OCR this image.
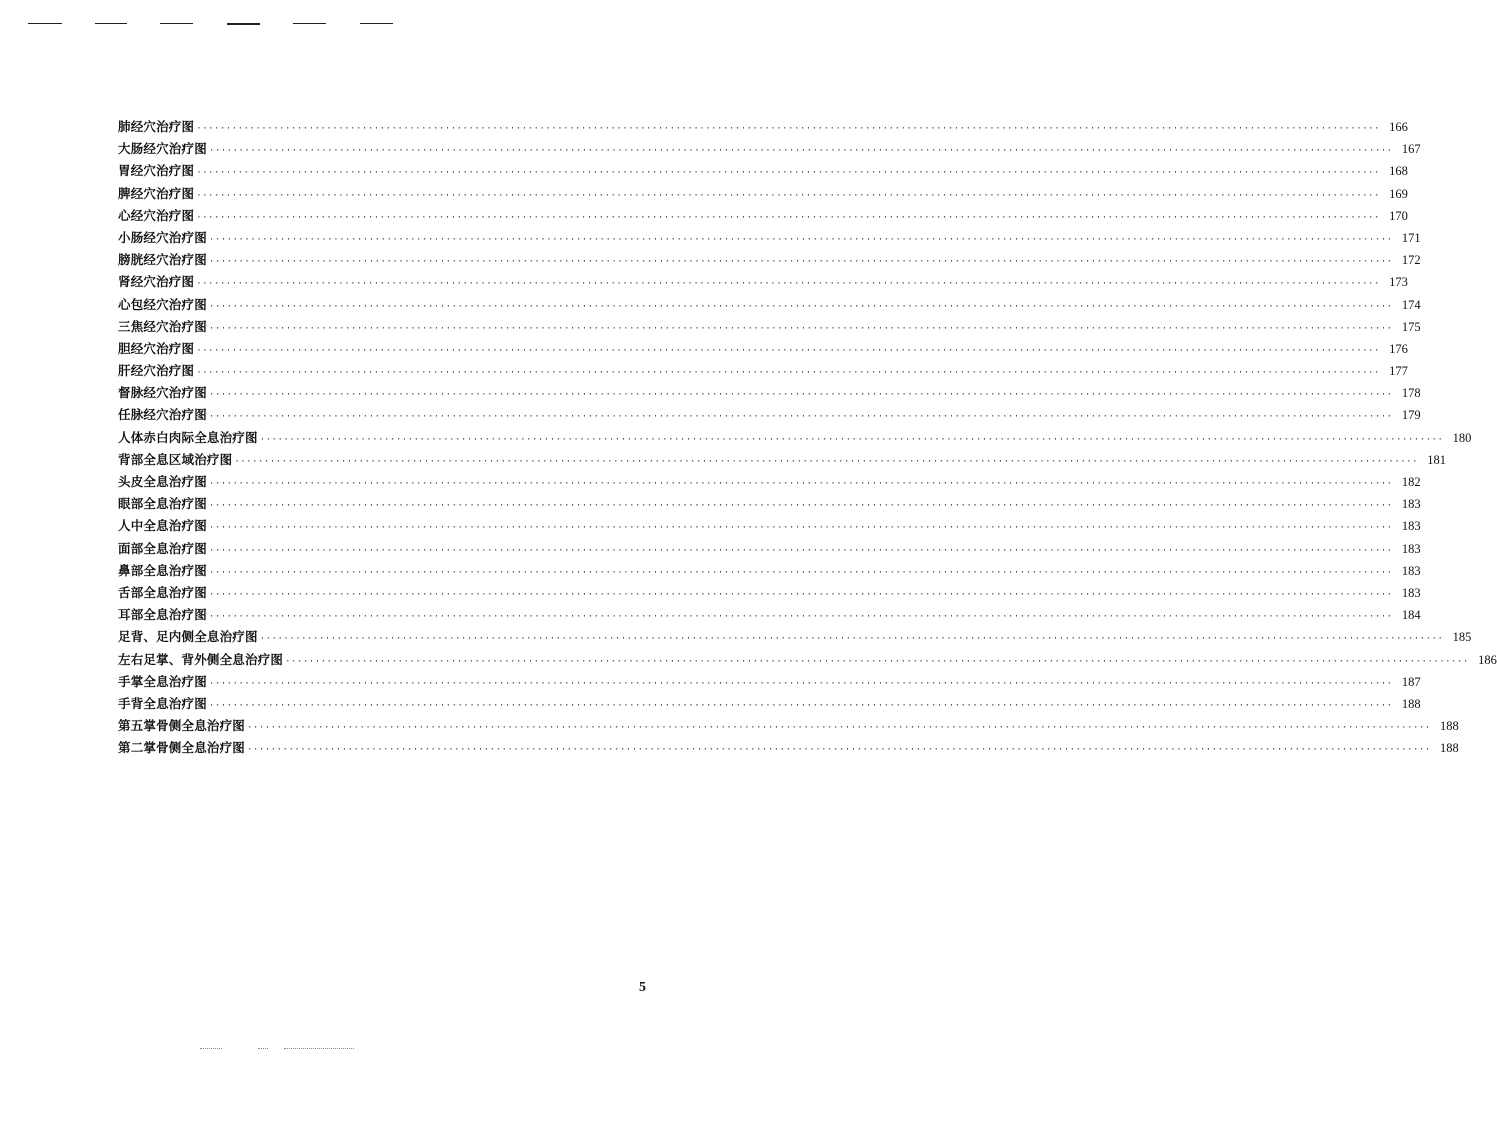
肺经穴治疗图 ········································································································································································································ 166
大肠经穴治疗图 ········································································································································································································ 167
胃经穴治疗图 ········································································································································································································ 168
脾经穴治疗图 ········································································································································································································ 169
心经穴治疗图 ········································································································································································································ 170
小肠经穴治疗图 ········································································································································································································ 171
膀胱经穴治疗图 ········································································································································································································ 172
肾经穴治疗图 ········································································································································································································ 173
心包经穴治疗图 ········································································································································································································ 174
三焦经穴治疗图 ········································································································································································································ 175
胆经穴治疗图 ········································································································································································································ 176
肝经穴治疗图 ········································································································································································································ 177
督脉经穴治疗图 ········································································································································································································ 178
任脉经穴治疗图 ········································································································································································································ 179
人体赤白肉际全息治疗图 ········································································································································································································ 180
背部全息区域治疗图 ········································································································································································································ 181
头皮全息治疗图 ········································································································································································································ 182
眼部全息治疗图 ········································································································································································································ 183
人中全息治疗图 ········································································································································································································ 183
面部全息治疗图 ········································································································································································································ 183
鼻部全息治疗图 ········································································································································································································ 183
舌部全息治疗图 ········································································································································································································ 183
耳部全息治疗图 ········································································································································································································ 184
足背、足内侧全息治疗图 ········································································································································································································ 185
左右足掌、背外侧全息治疗图 ········································································································································································································ 186
手掌全息治疗图 ········································································································································································································ 187
手背全息治疗图 ········································································································································································································ 188
第五掌骨侧全息治疗图 ········································································································································································································ 188
第二掌骨侧全息治疗图 ········································································································································································································ 188
5
